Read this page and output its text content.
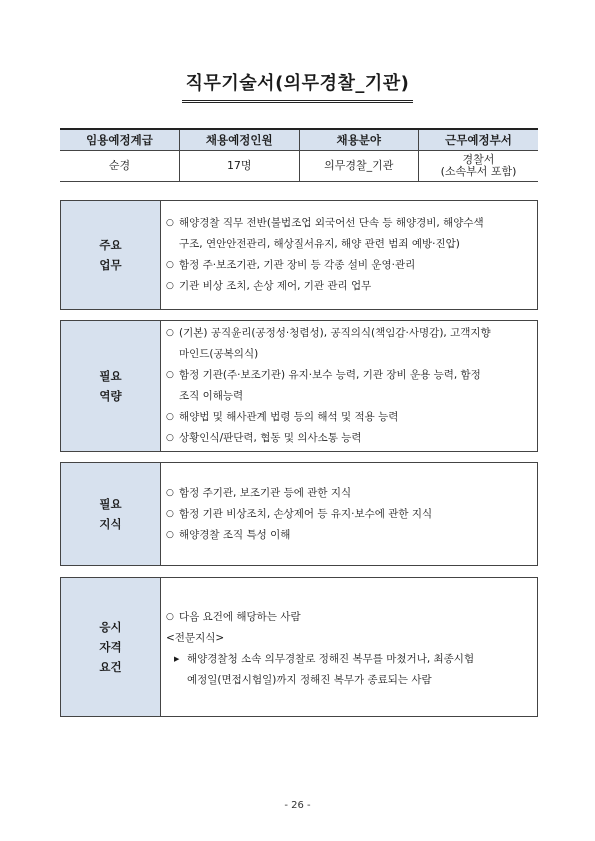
직무기술서(의무경찰_기관)
임용예정계급	채용예정인원	채용분야	근무예정부서
순경	17명	의무경찰_기관	경찰서
(소속부서 포함)
주요
업무
○ 해양경찰 직무 전반(불법조업 외국어선 단속 등 해양경비, 해양수색
구조, 연안안전관리, 해상질서유지, 해양 관련 범죄 예방·진압)
○ 함정 주·보조기관, 기관 장비 등 각종 설비 운영·관리
○ 기관 비상 조치, 손상 제어, 기관 관리 업무
필요
역량
○ (기본) 공직윤리(공정성·청렴성), 공직의식(책임감·사명감), 고객지향
마인드(공복의식)
○ 함정 기관(주·보조기관) 유지·보수 능력, 기관 장비 운용 능력, 함정
조직 이해능력
○ 해양법 및 해사관계 법령 등의 해석 및 적용 능력
○ 상황인식/판단력, 협동 및 의사소통 능력
필요
지식
○ 함정 주기관, 보조기관 등에 관한 지식
○ 함정 기관 비상조치, 손상제어 등 유지·보수에 관한 지식
○ 해양경찰 조직 특성 이해
응시
자격
요건
○ 다음 요건에 해당하는 사람
<전문지식>
▶ 해양경찰청 소속 의무경찰로 정해진 복무를 마쳤거나, 최종시험
예정일(면접시험일)까지 정해진 복무가 종료되는 사람
- 26 -
